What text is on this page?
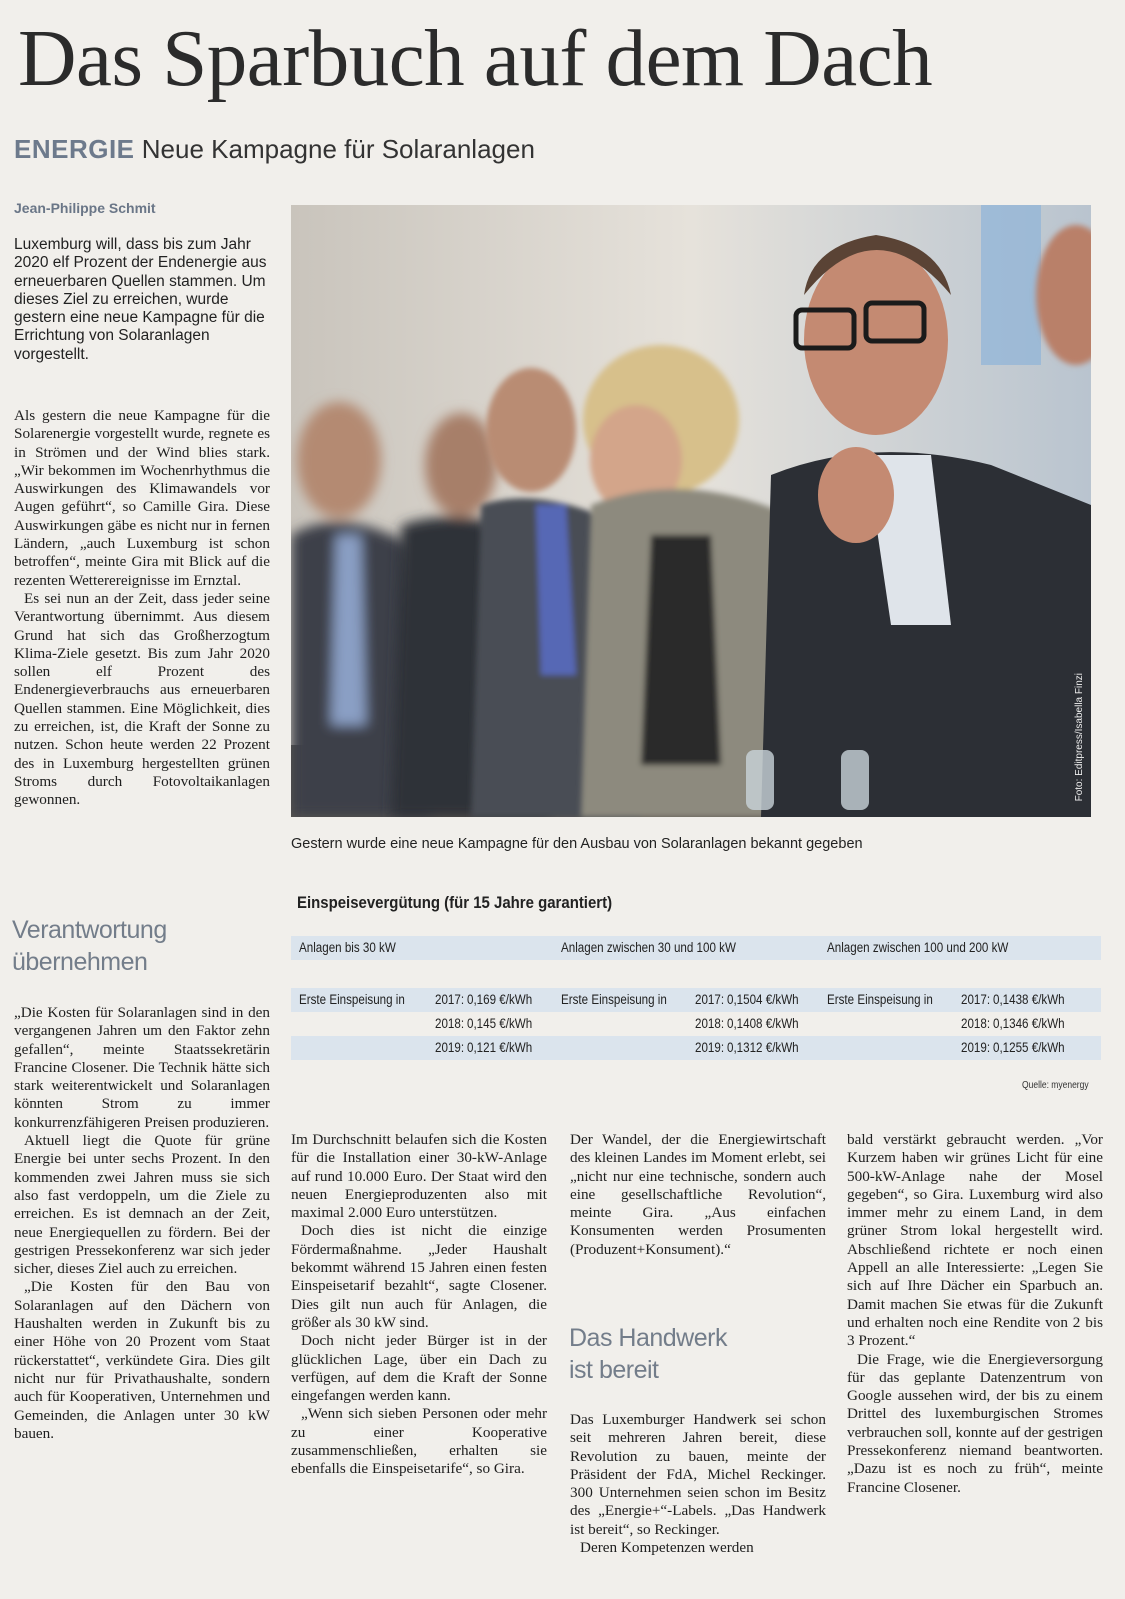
Das Sparbuch auf dem Dach
ENERGIE Neue Kampagne für Solaranlagen
Jean-Philippe Schmit

Luxemburg will, dass bis zum Jahr 2020 elf Prozent der Endenergie aus erneuerbaren Quellen stammen. Um dieses Ziel zu erreichen, wurde gestern eine neue Kampagne für die Errichtung von Solaranlagen vorgestellt.

Als gestern die neue Kampagne für die Solarenergie vorgestellt wurde, regnete es in Strömen und der Wind blies stark. „Wir bekommen im Wochenrhythmus die Auswirkungen des Klimawandels vor Augen geführt“, so Camille Gira. Diese Auswirkungen gäbe es nicht nur in fernen Ländern, „auch Luxemburg ist schon betroffen“, meinte Gira mit Blick auf die rezenten Wetterereignisse im Ernztal.

Es sei nun an der Zeit, dass jeder seine Verantwortung übernimmt. Aus diesem Grund hat sich das Großherzogtum Klima-Ziele gesetzt. Bis zum Jahr 2020 sollen elf Prozent des Endenergieverbrauchs aus erneuerbaren Quellen stammen. Eine Möglichkeit, dies zu erreichen, ist, die Kraft der Sonne zu nutzen. Schon heute werden 22 Prozent des in Luxemburg hergestellten grünen Stroms durch Fotovoltaikanlagen gewonnen.

Verantwortung
übernehmen

„Die Kosten für Solaranlagen sind in den vergangenen Jahren um den Faktor zehn gefallen“, meinte Staatssekretärin Francine Closener. Die Technik hätte sich stark weiterentwickelt und Solaranlagen könnten Strom zu immer konkurrenzfähigeren Preisen produzieren.

Aktuell liegt die Quote für grüne Energie bei unter sechs Prozent. In den kommenden zwei Jahren muss sie sich also fast verdoppeln, um die Ziele zu erreichen. Es ist demnach an der Zeit, neue Energiequellen zu fördern. Bei der gestrigen Pressekonferenz war sich jeder sicher, dieses Ziel auch zu erreichen.

„Die Kosten für den Bau von Solaranlagen auf den Dächern von Haushalten werden in Zukunft bis zu einer Höhe von 20 Prozent vom Staat rückerstattet“, verkündete Gira. Dies gilt nicht nur für Privathaushalte, sondern auch für Kooperativen, Unternehmen und Gemeinden, die Anlagen unter 30 kW bauen.

Foto: Editpress/Isabella Finzi
Gestern wurde eine neue Kampagne für den Ausbau von Solaranlagen bekannt gegeben
Einspeisevergütung (für 15 Jahre garantiert)
Anlagen bis 30 kW	Anlagen zwischen 30 und 100 kW	Anlagen zwischen 100 und 200 kW
Erste Einspeisung in 2017: 0,169 €/kWh Erste Einspeisung in 2017: 0,1504 €/kWh Erste Einspeisung in 2017: 0,1438 €/kWh
2018: 0,145 €/kWh	2018: 0,1408 €/kWh	2018: 0,1346 €/kWh
2019: 0,121 €/kWh	2019: 0,1312 €/kWh	2019: 0,1255 €/kWh
Quelle: myenergy

Im Durchschnitt belaufen sich die Kosten für die Installation einer 30-kW-Anlage auf rund 10.000 Euro. Der Staat wird den neuen Energieproduzenten also mit maximal 2.000 Euro unterstützen.

Doch dies ist nicht die einzige Fördermaßnahme. „Jeder Haushalt bekommt während 15 Jahren einen festen Einspeisetarif bezahlt“, sagte Closener. Dies gilt nun auch für Anlagen, die größer als 30 kW sind.

Doch nicht jeder Bürger ist in der glücklichen Lage, über ein Dach zu verfügen, auf dem die Kraft der Sonne eingefangen werden kann.

„Wenn sich sieben Personen oder mehr zu einer Kooperative zusammenschließen, erhalten sie ebenfalls die Einspeisetarife“, so Gira.

Der Wandel, der die Energiewirtschaft des kleinen Landes im Moment erlebt, sei „nicht nur eine technische, sondern auch eine gesellschaftliche Revolution“, meinte Gira. „Aus einfachen Konsumenten werden Prosumenten (Produzent+Konsument).“

Das Handwerk
ist bereit

Das Luxemburger Handwerk sei schon seit mehreren Jahren bereit, diese Revolution zu bauen, meinte der Präsident der FdA, Michel Reckinger. 300 Unternehmen seien schon im Besitz des „Energie+“-Labels. „Das Handwerk ist bereit“, so Reckinger.

Deren Kompetenzen werden

bald verstärkt gebraucht werden. „Vor Kurzem haben wir grünes Licht für eine 500-kW-Anlage nahe der Mosel gegeben“, so Gira. Luxemburg wird also immer mehr zu einem Land, in dem grüner Strom lokal hergestellt wird. Abschließend richtete er noch einen Appell an alle Interessierte: „Legen Sie sich auf Ihre Dächer ein Sparbuch an. Damit machen Sie etwas für die Zukunft und erhalten noch eine Rendite von 2 bis 3 Prozent.“

Die Frage, wie die Energieversorgung für das geplante Datenzentrum von Google aussehen wird, der bis zu einem Drittel des luxemburgischen Stromes verbrauchen soll, konnte auf der gestrigen Pressekonferenz niemand beantworten. „Dazu ist es noch zu früh“, meinte Francine Closener.
